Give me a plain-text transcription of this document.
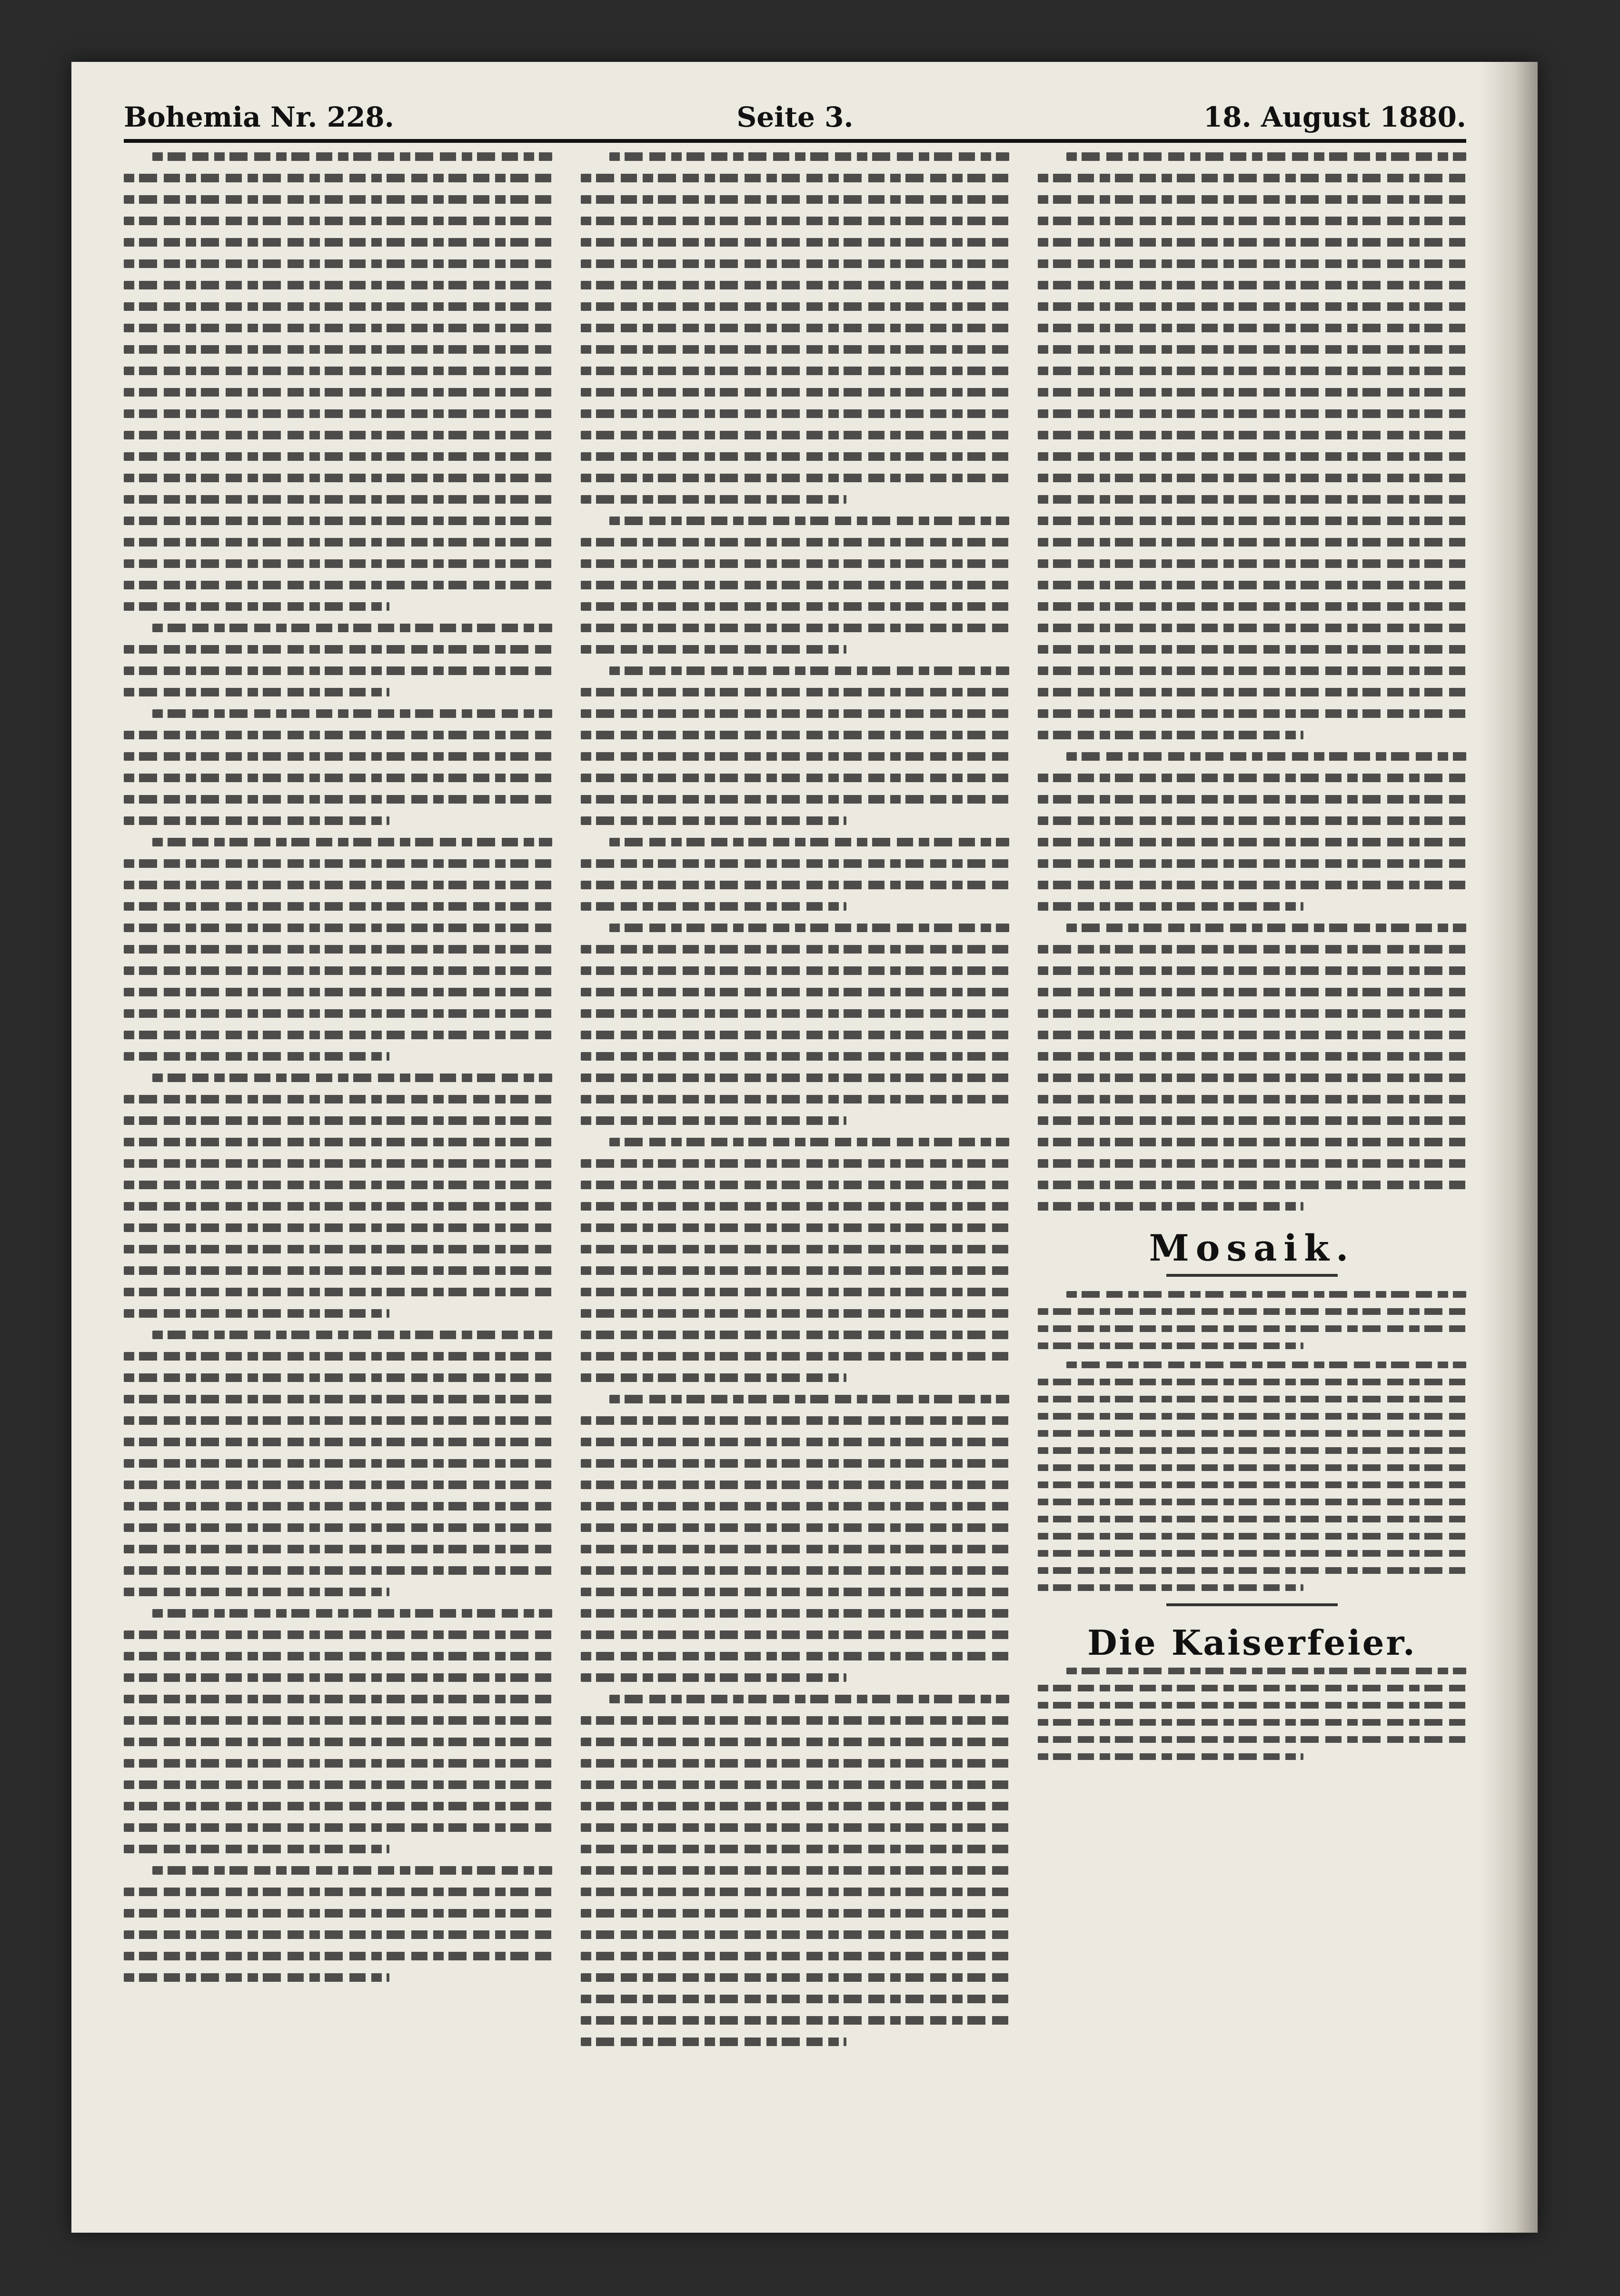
Bohemia Nr. 228.	Seite 3.	18. August 1880.
Mosaik.
Die Kaiserfeier.
